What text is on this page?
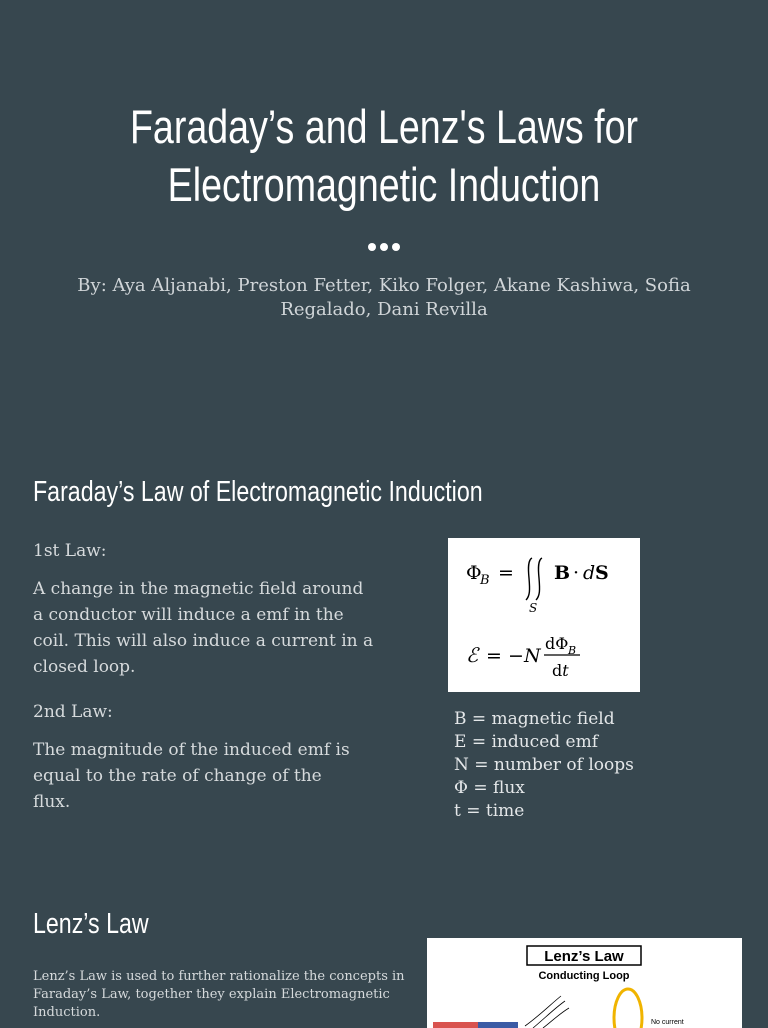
Faraday’s and Lenz's Laws for
Electromagnetic Induction
By: Aya Aljanabi, Preston Fetter, Kiko Folger, Akane Kashiwa, Sofia
Regalado, Dani Revilla
Faraday’s Law of Electromagnetic Induction
1st Law:
A change in the magnetic field around a conductor will induce a emf in the coil. This will also induce a current in a closed loop.
2nd Law:
The magnitude of the induced emf is equal to the rate of change of the flux.
Φ
B =
S
B · d S
ℰ = − N
dΦ B
dt
B = magnetic field
E = induced emf
N = number of loops
Φ = flux
t = time
Lenz’s Law
Lenz’s Law is used to further rationalize the concepts in Faraday’s Law, together they explain Electromagnetic Induction.
Lenz’s Law
Conducting Loop
No current
